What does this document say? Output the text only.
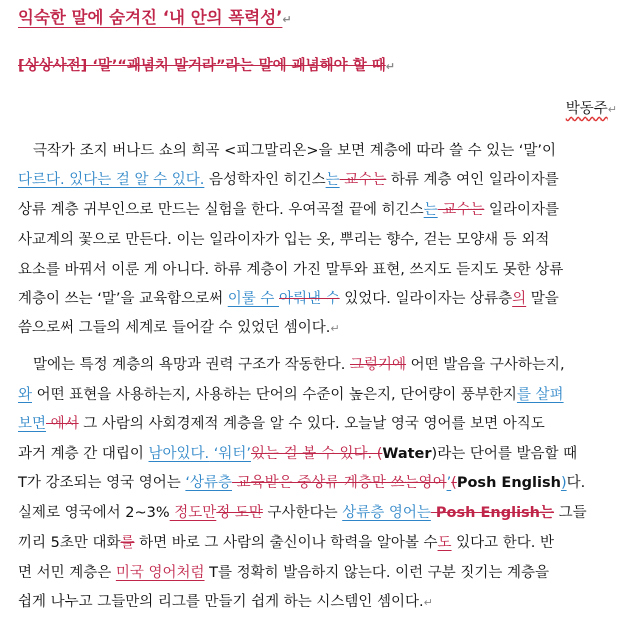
익숙한 말에 숨겨진 ‘내 안의 폭력성’↵
[상상사전] ‘말’“괘념치 말거라”라는 말에 괘념해야 할 때↵
박동주↵
극작가 조지 버나드 쇼의 희곡 <피그말리온>을 보면 계층에 따라 쓸 수 있는 ‘말’이
다르다. 있다는 걸 알 수 있다. 음성학자인 히긴스는 교수는 하류 계층 여인 일라이자를
상류 계층 귀부인으로 만드는 실험을 한다. 우여곡절 끝에 히긴스는 교수는 일라이자를
사교계의 꽃으로 만든다. 이는 일라이자가 입는 옷, 뿌리는 향수, 걷는 모양새 등 외적
요소를 바꿔서 이룬 게 아니다. 하류 계층이 가진 말투와 표현, 쓰지도 듣지도 못한 상류
계층이 쓰는 ‘말’을 교육함으로써 이룰 수 아뤄낸 수 있었다. 일라이자는 상류층의 말을
씀으로써 그들의 세계로 들어갈 수 있었던 셈이다.↵
말에는 특정 계층의 욕망과 권력 구조가 작동한다. 그렇기에 어떤 발음을 구사하는지,
와 어떤 표현을 사용하는지, 사용하는 단어의 수준이 높은지, 단어량이 풍부한지를 살펴
보면 에서 그 사람의 사회경제적 계층을 알 수 있다. 오늘날 영국 영어를 보면 아직도
과거 계층 간 대립이 남아있다. ‘워터’있는 걸 볼 수 있다. (Water)라는 단어를 발음할 때
T가 강조되는 영국 영어는 ‘상류층 교육받은 중상류 계층만 쓰는영어’(Posh English)다.
실제로 영국에서 2~3% 정도만정 도만 구사한다는 상류층 영어는 Posh English는 그들
끼리 5초만 대화를 하면 바로 그 사람의 출신이나 학력을 알아볼 수도 있다고 한다. 반
면 서민 계층은 미국 영어처럼 T를 정확히 발음하지 않는다. 이런 구분 짓기는 계층을
쉽게 나누고 그들만의 리그를 만들기 쉽게 하는 시스템인 셈이다.↵
